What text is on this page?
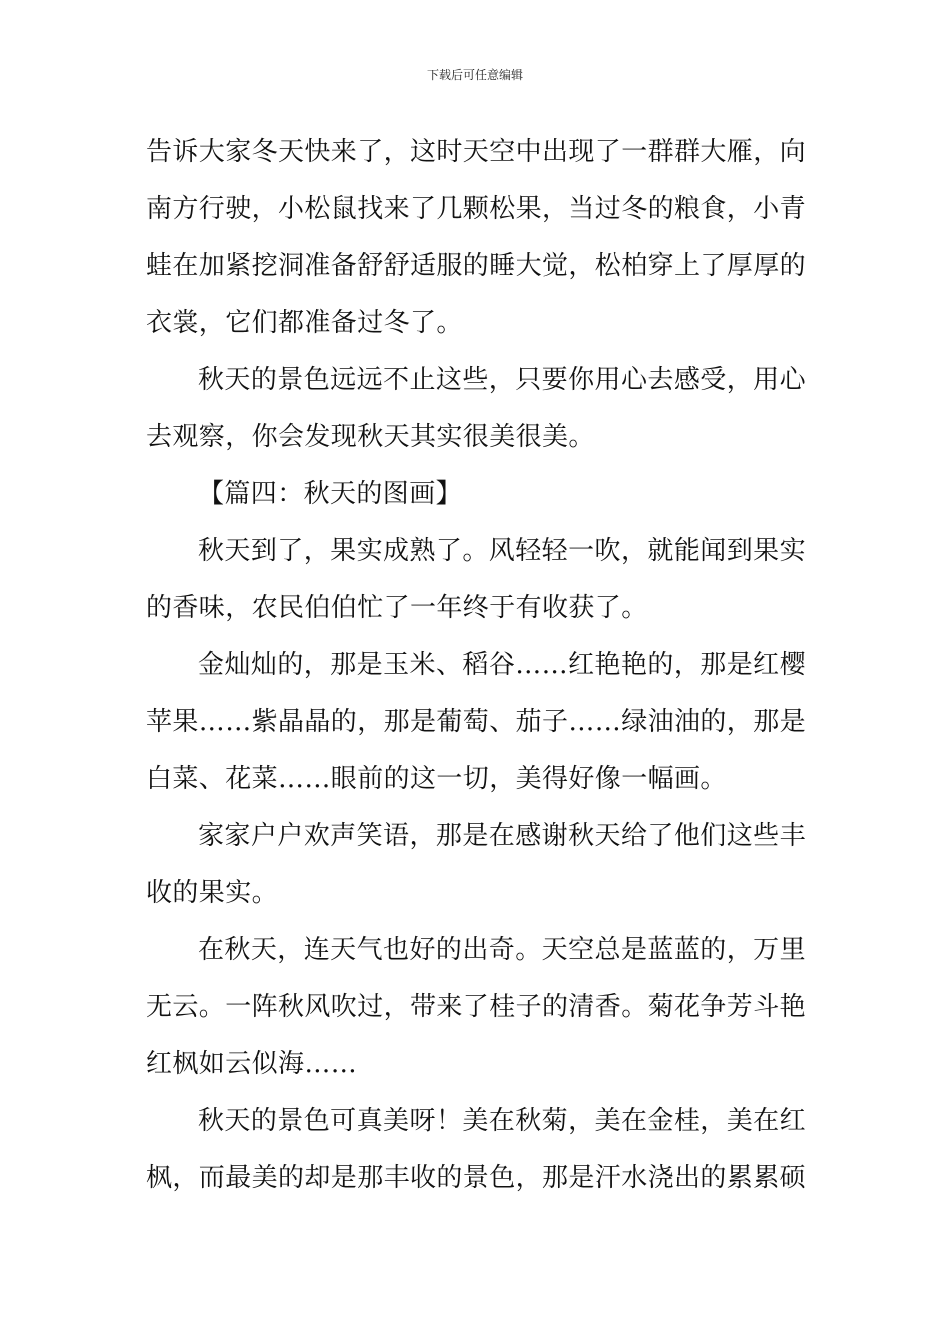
下载后可任意编辑

告诉大家冬天快来了，这时天空中出现了一群群大雁，向南方行驶，小松鼠找来了几颗松果，当过冬的粮食，小青蛙在加紧挖洞准备舒舒适服的睡大觉，松柏穿上了厚厚的衣裳，它们都准备过冬了。

秋天的景色远远不止这些，只要你用心去感受，用心去观察，你会发现秋天其实很美很美。

【篇四：秋天的图画】

秋天到了，果实成熟了。风轻轻一吹，就能闻到果实的香味，农民伯伯忙了一年终于有收获了。

金灿灿的，那是玉米、稻谷……红艳艳的，那是红樱苹果……紫晶晶的，那是葡萄、茄子……绿油油的，那是白菜、花菜……眼前的这一切，美得好像一幅画。

家家户户欢声笑语，那是在感谢秋天给了他们这些丰收的果实。

在秋天，连天气也好的出奇。天空总是蓝蓝的，万里无云。一阵秋风吹过，带来了桂子的清香。菊花争芳斗艳红枫如云似海……

秋天的景色可真美呀！美在秋菊，美在金桂，美在红枫，而最美的却是那丰收的景色，那是汗水浇出的累累硕
